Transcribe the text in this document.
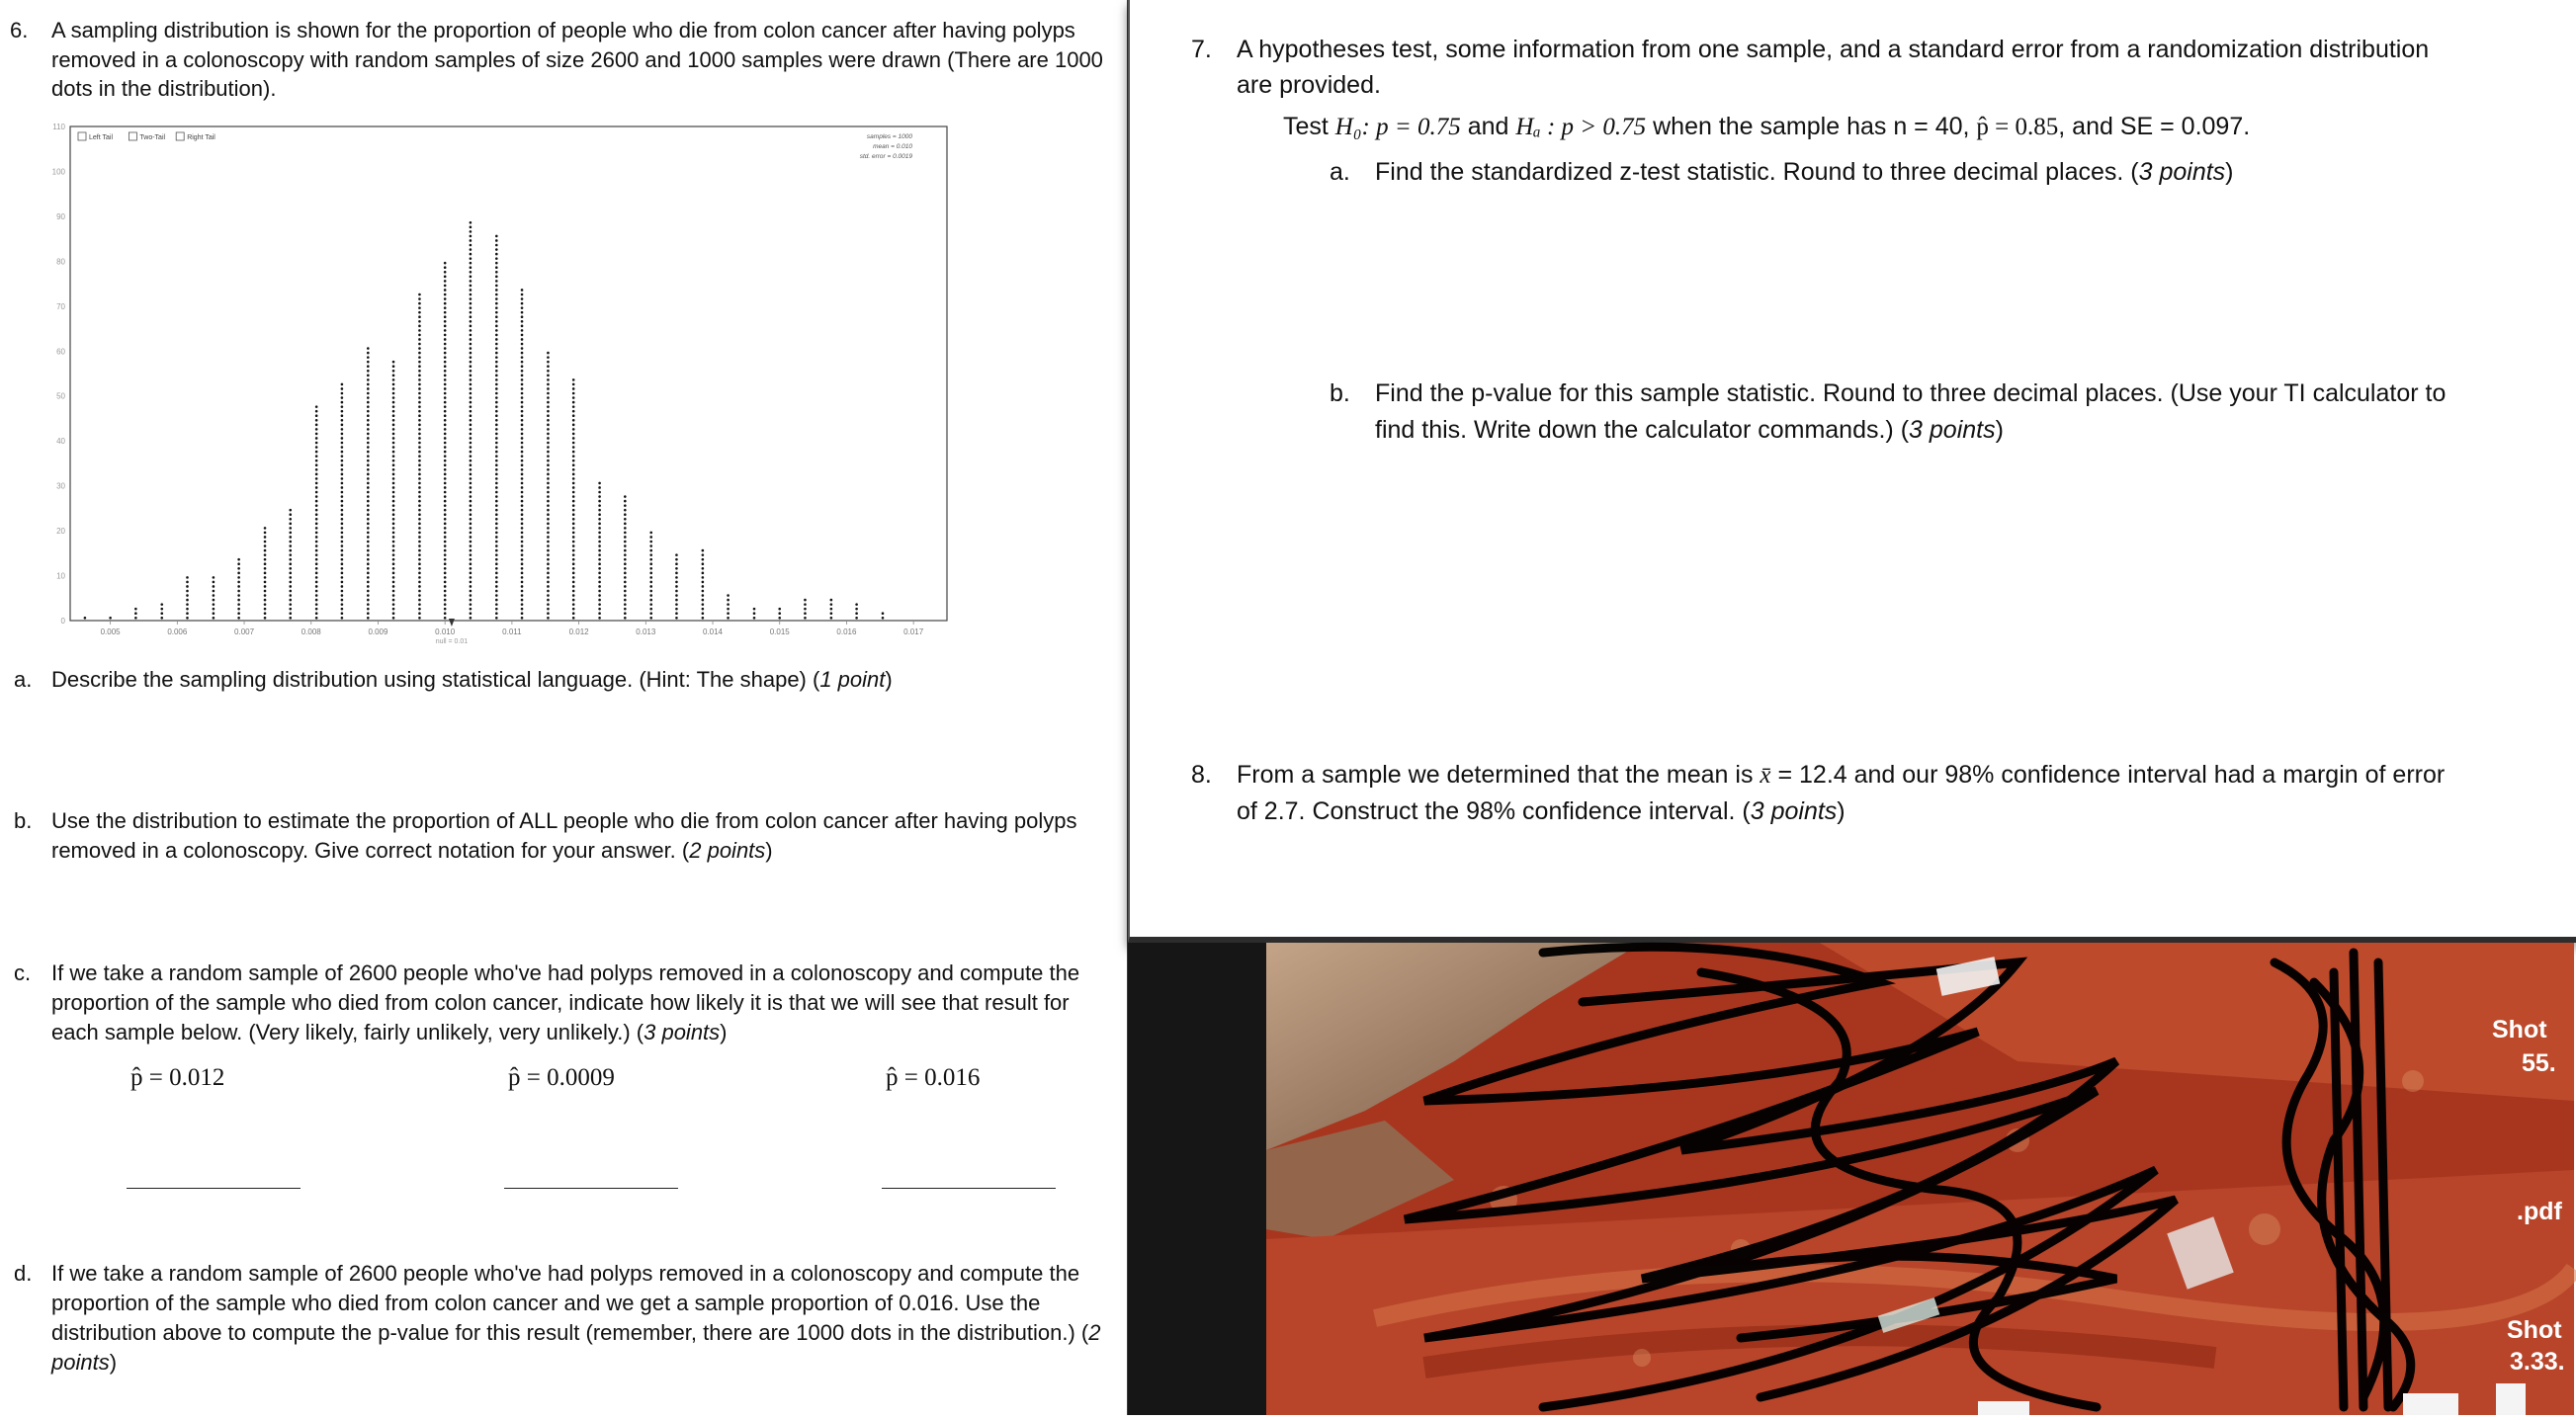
6. A sampling distribution is shown for the proportion of people who die from colon cancer after having polyps
removed in a colonoscopy with random samples of size 2600 and 1000 samples were drawn (There are 1000
dots in the distribution).
Left Tail	Two-Tail	Right Tail	samples = 1000
mean = 0.010
std. error = 0.0019
0
10
20
30
40
50
60
70
80
90
100
110
0.005	0.006	0.007	0.008	0.009	0.010	0.011	0.012	0.013	0.014	0.015	0.016	0.017
null = 0.01
a. Describe the sampling distribution using statistical language. (Hint: The shape) (1 point)
b. Use the distribution to estimate the proportion of ALL people who die from colon cancer after having polyps
removed in a colonoscopy. Give correct notation for your answer. (2 points)
c. If we take a random sample of 2600 people who've had polyps removed in a colonoscopy and compute the
proportion of the sample who died from colon cancer, indicate how likely it is that we will see that result for
each sample below. (Very likely, fairly unlikely, very unlikely.) (3 points)
p̂ = 0.012	p̂ = 0.0009	p̂ = 0.016
d. If we take a random sample of 2600 people who've had polyps removed in a colonoscopy and compute the
proportion of the sample who died from colon cancer and we get a sample proportion of 0.016. Use the
distribution above to compute the p-value for this result (remember, there are 1000 dots in the distribution.) (2
points)
7. A hypotheses test, some information from one sample, and a standard error from a randomization distribution
are provided.
Test H₀: p = 0.75 and Hₐ : p > 0.75 when the sample has n = 40, p̂ = 0.85, and SE = 0.097.
a. Find the standardized z-test statistic. Round to three decimal places. (3 points)
b. Find the p-value for this sample statistic. Round to three decimal places. (Use your TI calculator to
find this. Write down the calculator commands.) (3 points)
8. From a sample we determined that the mean is x̄ = 12.4 and our 98% confidence interval had a margin of error
of 2.7. Construct the 98% confidence interval. (3 points)
Shot
55.
.pdf
Shot
3.33.
